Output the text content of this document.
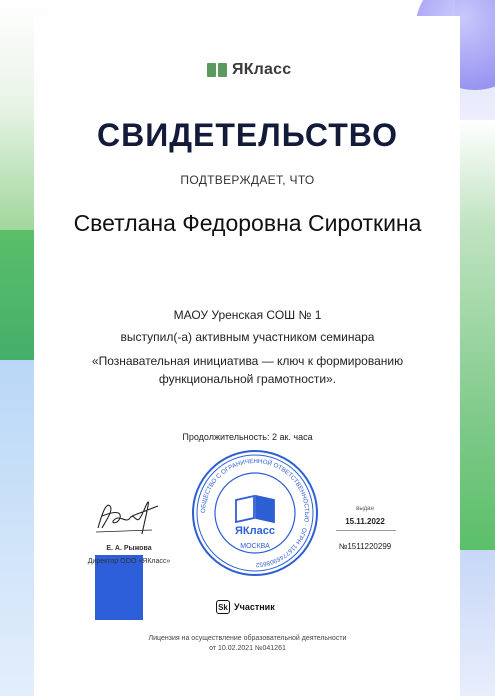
ЯКласс
СВИДЕТЕЛЬСТВО
ПОДТВЕРЖДАЕТ, ЧТО
Светлана Федоровна Сироткина
МАОУ Уренская СОШ № 1
выступил(-а) активным участником семинара
«Познавательная инициатива — ключ к формированию
функциональной грамотности».
Продолжительность: 2 ак. часа
Е. А. Рыжова
Директор ООО «ЯКласс»
ОБЩЕСТВО С ОГРАНИЧЕННОЙ ОТВЕТСТВЕННОСТЬЮ · ОГРН 1167746908652
ЯКласс
МОСКВА
выдан
15.11.2022
№1511220299
Sk Участник
Лицензия на осуществление образовательной деятельности
от 10.02.2021 №041261
